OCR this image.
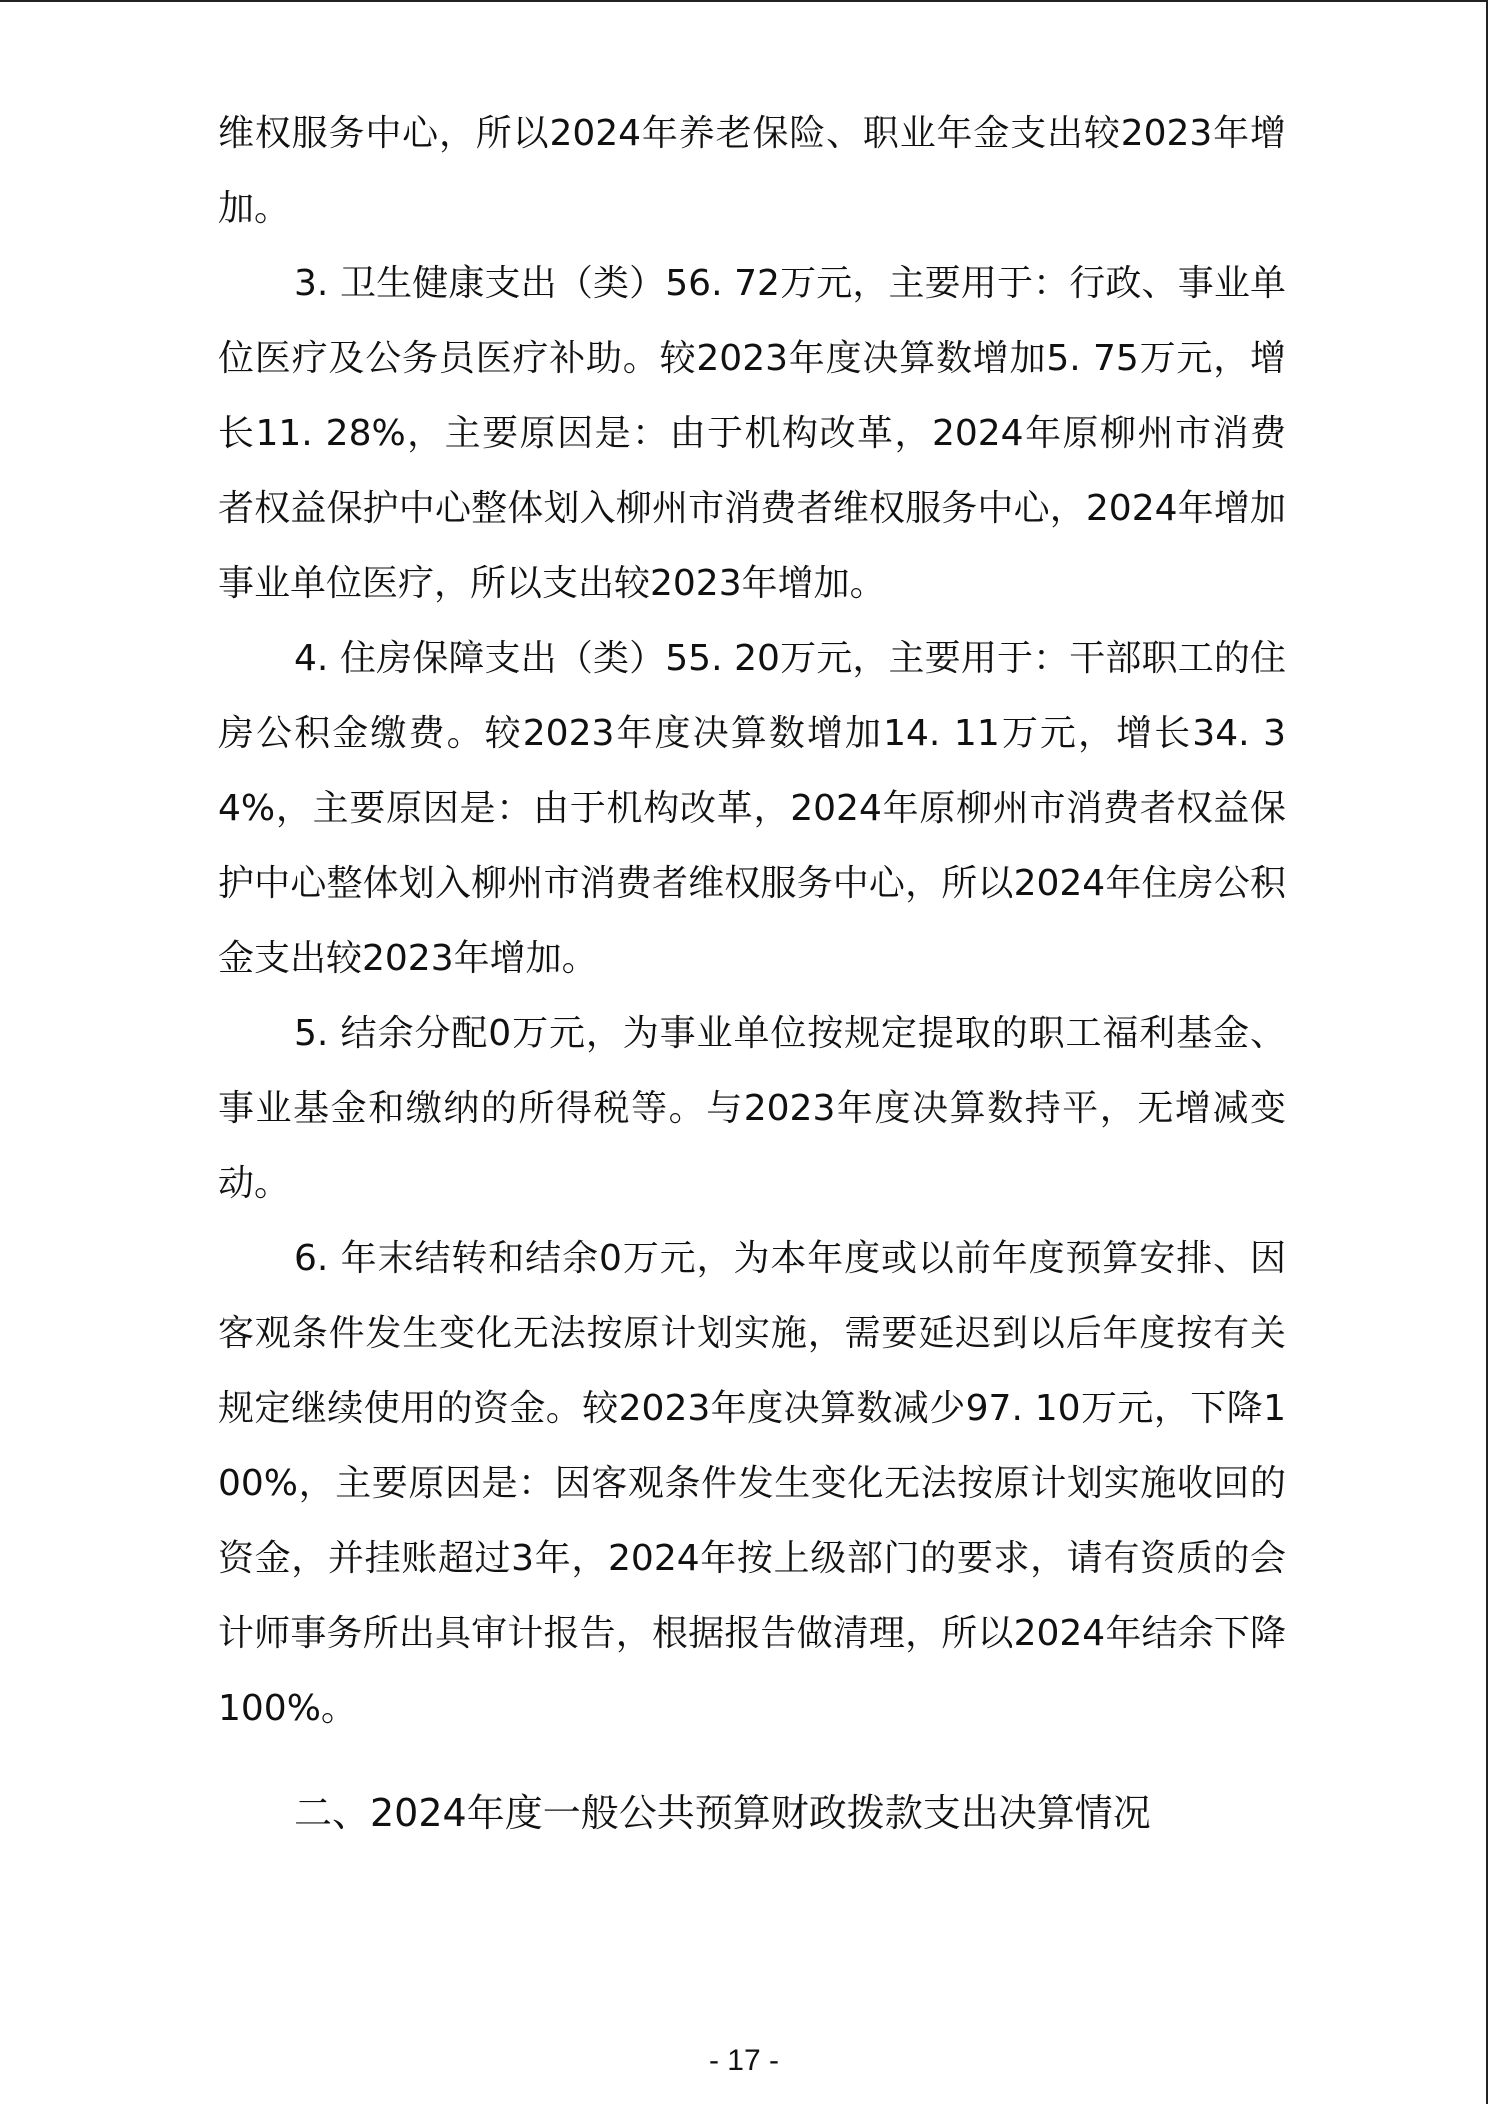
维权服务中心，所以2024年养老保险、职业年金支出较2023年增加。

3. 卫生健康支出（类）56. 72万元，主要用于：行政、事业单位医疗及公务员医疗补助。较2023年度决算数增加5. 75万元，增长11. 28%，主要原因是：由于机构改革，2024年原柳州市消费者权益保护中心整体划入柳州市消费者维权服务中心，2024年增加事业单位医疗，所以支出较2023年增加。

4. 住房保障支出（类）55. 20万元，主要用于：干部职工的住房公积金缴费。较2023年度决算数增加14. 11万元，增长34. 34%，主要原因是：由于机构改革，2024年原柳州市消费者权益保护中心整体划入柳州市消费者维权服务中心，所以2024年住房公积金支出较2023年增加。

5. 结余分配0万元，为事业单位按规定提取的职工福利基金、事业基金和缴纳的所得税等。与2023年度决算数持平，无增减变动。

6. 年末结转和结余0万元，为本年度或以前年度预算安排、因客观条件发生变化无法按原计划实施，需要延迟到以后年度按有关规定继续使用的资金。较2023年度决算数减少97. 10万元，下降100%，主要原因是：因客观条件发生变化无法按原计划实施收回的资金，并挂账超过3年，2024年按上级部门的要求，请有资质的会计师事务所出具审计报告，根据报告做清理，所以2024年结余下降100%。

二、2024年度一般公共预算财政拨款支出决算情况
- 17 -
